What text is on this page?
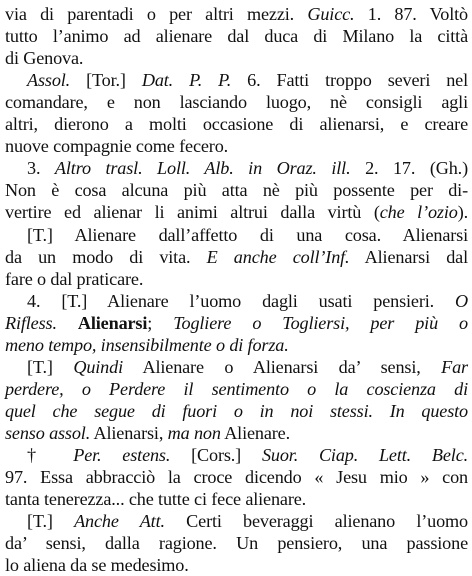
via di parentadi o per altri mezzi. Guicc. 1. 87. Voltò
tutto l’animo ad alienare dal duca di Milano la città
di Genova.
Assol. [Tor.] Dat. P. P. 6. Fatti troppo severi nel
comandare, e non lasciando luogo, nè consigli agli
altri, dierono a molti occasione di alienarsi, e creare
nuove compagnie come fecero.
3. Altro trasl. Loll. Alb. in Oraz. ill. 2. 17. (Gh.)
Non è cosa alcuna più atta nè più possente per di-
vertire ed alienar li animi altrui dalla virtù (che l’ozio).
[T.] Alienare dall’affetto di una cosa. Alienarsi
da un modo di vita. E anche coll’Inf. Alienarsi dal
fare o dal praticare.
4. [T.] Alienare l’uomo dagli usati pensieri. O
Rifless. Alienarsi; Togliere o Togliersi, per più o
meno tempo, insensibilmente o di forza.
[T.] Quindi Alienare o Alienarsi da’ sensi, Far
perdere, o Perdere il sentimento o la coscienza di
quel che segue di fuori o in noi stessi. In questo
senso assol. Alienarsi, ma non Alienare.
† Per. estens. [Cors.] Suor. Ciap. Lett. Belc.
97. Essa abbracciò la croce dicendo « Jesu mio » con
tanta tenerezza... che tutte ci fece alienare.
[T.] Anche Att. Certi beveraggi alienano l’uomo
da’ sensi, dalla ragione. Un pensiero, una passione
lo aliena da se medesimo.
